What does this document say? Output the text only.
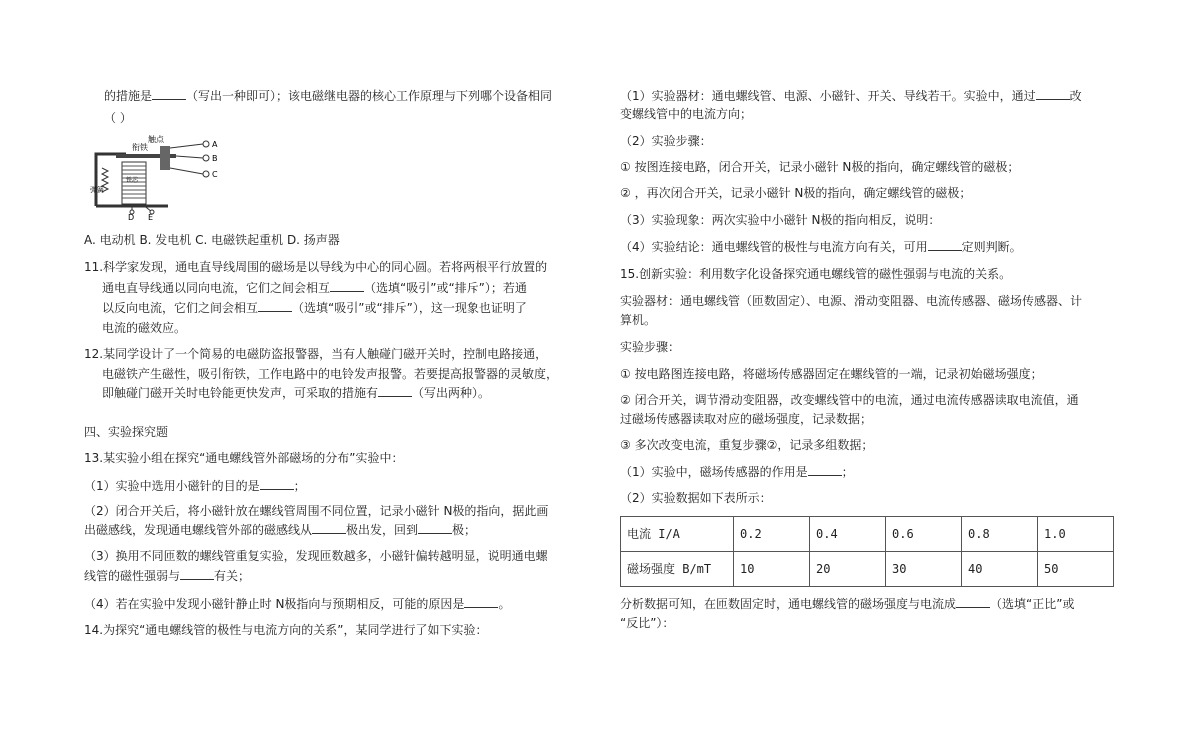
的措施是	（写出一种即可）；该电磁继电器的核心工作原理与下列哪个设备相同
（ ）
衔铁
触点
弹簧
铁芯
A
B
C
D E
A. 电动机 B. 发电机 C. 电磁铁起重机 D. 扬声器
11.科学家发现，通电直导线周围的磁场是以导线为中心的同心圆。若将两根平行放置的
通电直导线通以同向电流，它们之间会相互	（选填“吸引”或“排斥”）；若通
以反向电流，它们之间会相互	（选填“吸引”或“排斥”），这一现象也证明了
电流的磁效应。
12.某同学设计了一个简易的电磁防盗报警器，当有人触碰门磁开关时，控制电路接通，
电磁铁产生磁性，吸引衔铁，工作电路中的电铃发声报警。若要提高报警器的灵敏度，
即触碰门磁开关时电铃能更快发声，可采取的措施有	（写出两种）。
四、实验探究题
13.某实验小组在探究“通电螺线管外部磁场的分布”实验中：
（1）实验中选用小磁针的目的是	；
（2）闭合开关后，将小磁针放在螺线管周围不同位置，记录小磁针 N极的指向，据此画
出磁感线，发现通电螺线管外部的磁感线从	极出发，回到	极；
（3）换用不同匝数的螺线管重复实验，发现匝数越多，小磁针偏转越明显，说明通电螺
线管的磁性强弱与	有关；
（4）若在实验中发现小磁针静止时 N极指向与预期相反，可能的原因是	。
14.为探究“通电螺线管的极性与电流方向的关系”，某同学进行了如下实验：
（1）实验器材：通电螺线管、电源、小磁针、开关、导线若干。实验中，通过	改
变螺线管中的电流方向；
（2）实验步骤：
① 按图连接电路，闭合开关，记录小磁针 N极的指向，确定螺线管的磁极；
② ，再次闭合开关，记录小磁针 N极的指向，确定螺线管的磁极；
（3）实验现象：两次实验中小磁针 N极的指向相反，说明：
（4）实验结论：通电螺线管的极性与电流方向有关，可用	定则判断。
15.创新实验：利用数字化设备探究通电螺线管的磁性强弱与电流的关系。
实验器材：通电螺线管（匝数固定）、电源、滑动变阻器、电流传感器、磁场传感器、计
算机。
实验步骤：
① 按电路图连接电路，将磁场传感器固定在螺线管的一端，记录初始磁场强度；
② 闭合开关，调节滑动变阻器，改变螺线管中的电流，通过电流传感器读取电流值，通
过磁场传感器读取对应的磁场强度，记录数据；
③ 多次改变电流，重复步骤②，记录多组数据；
（1）实验中，磁场传感器的作用是	；
（2）实验数据如下表所示：
电流 I/A	0.2	0.4	0.6	0.8	1.0
磁场强度 B/mT	10	20	30	40	50
分析数据可知，在匝数固定时，通电螺线管的磁场强度与电流成	（选填“正比”或
“反比”）：
